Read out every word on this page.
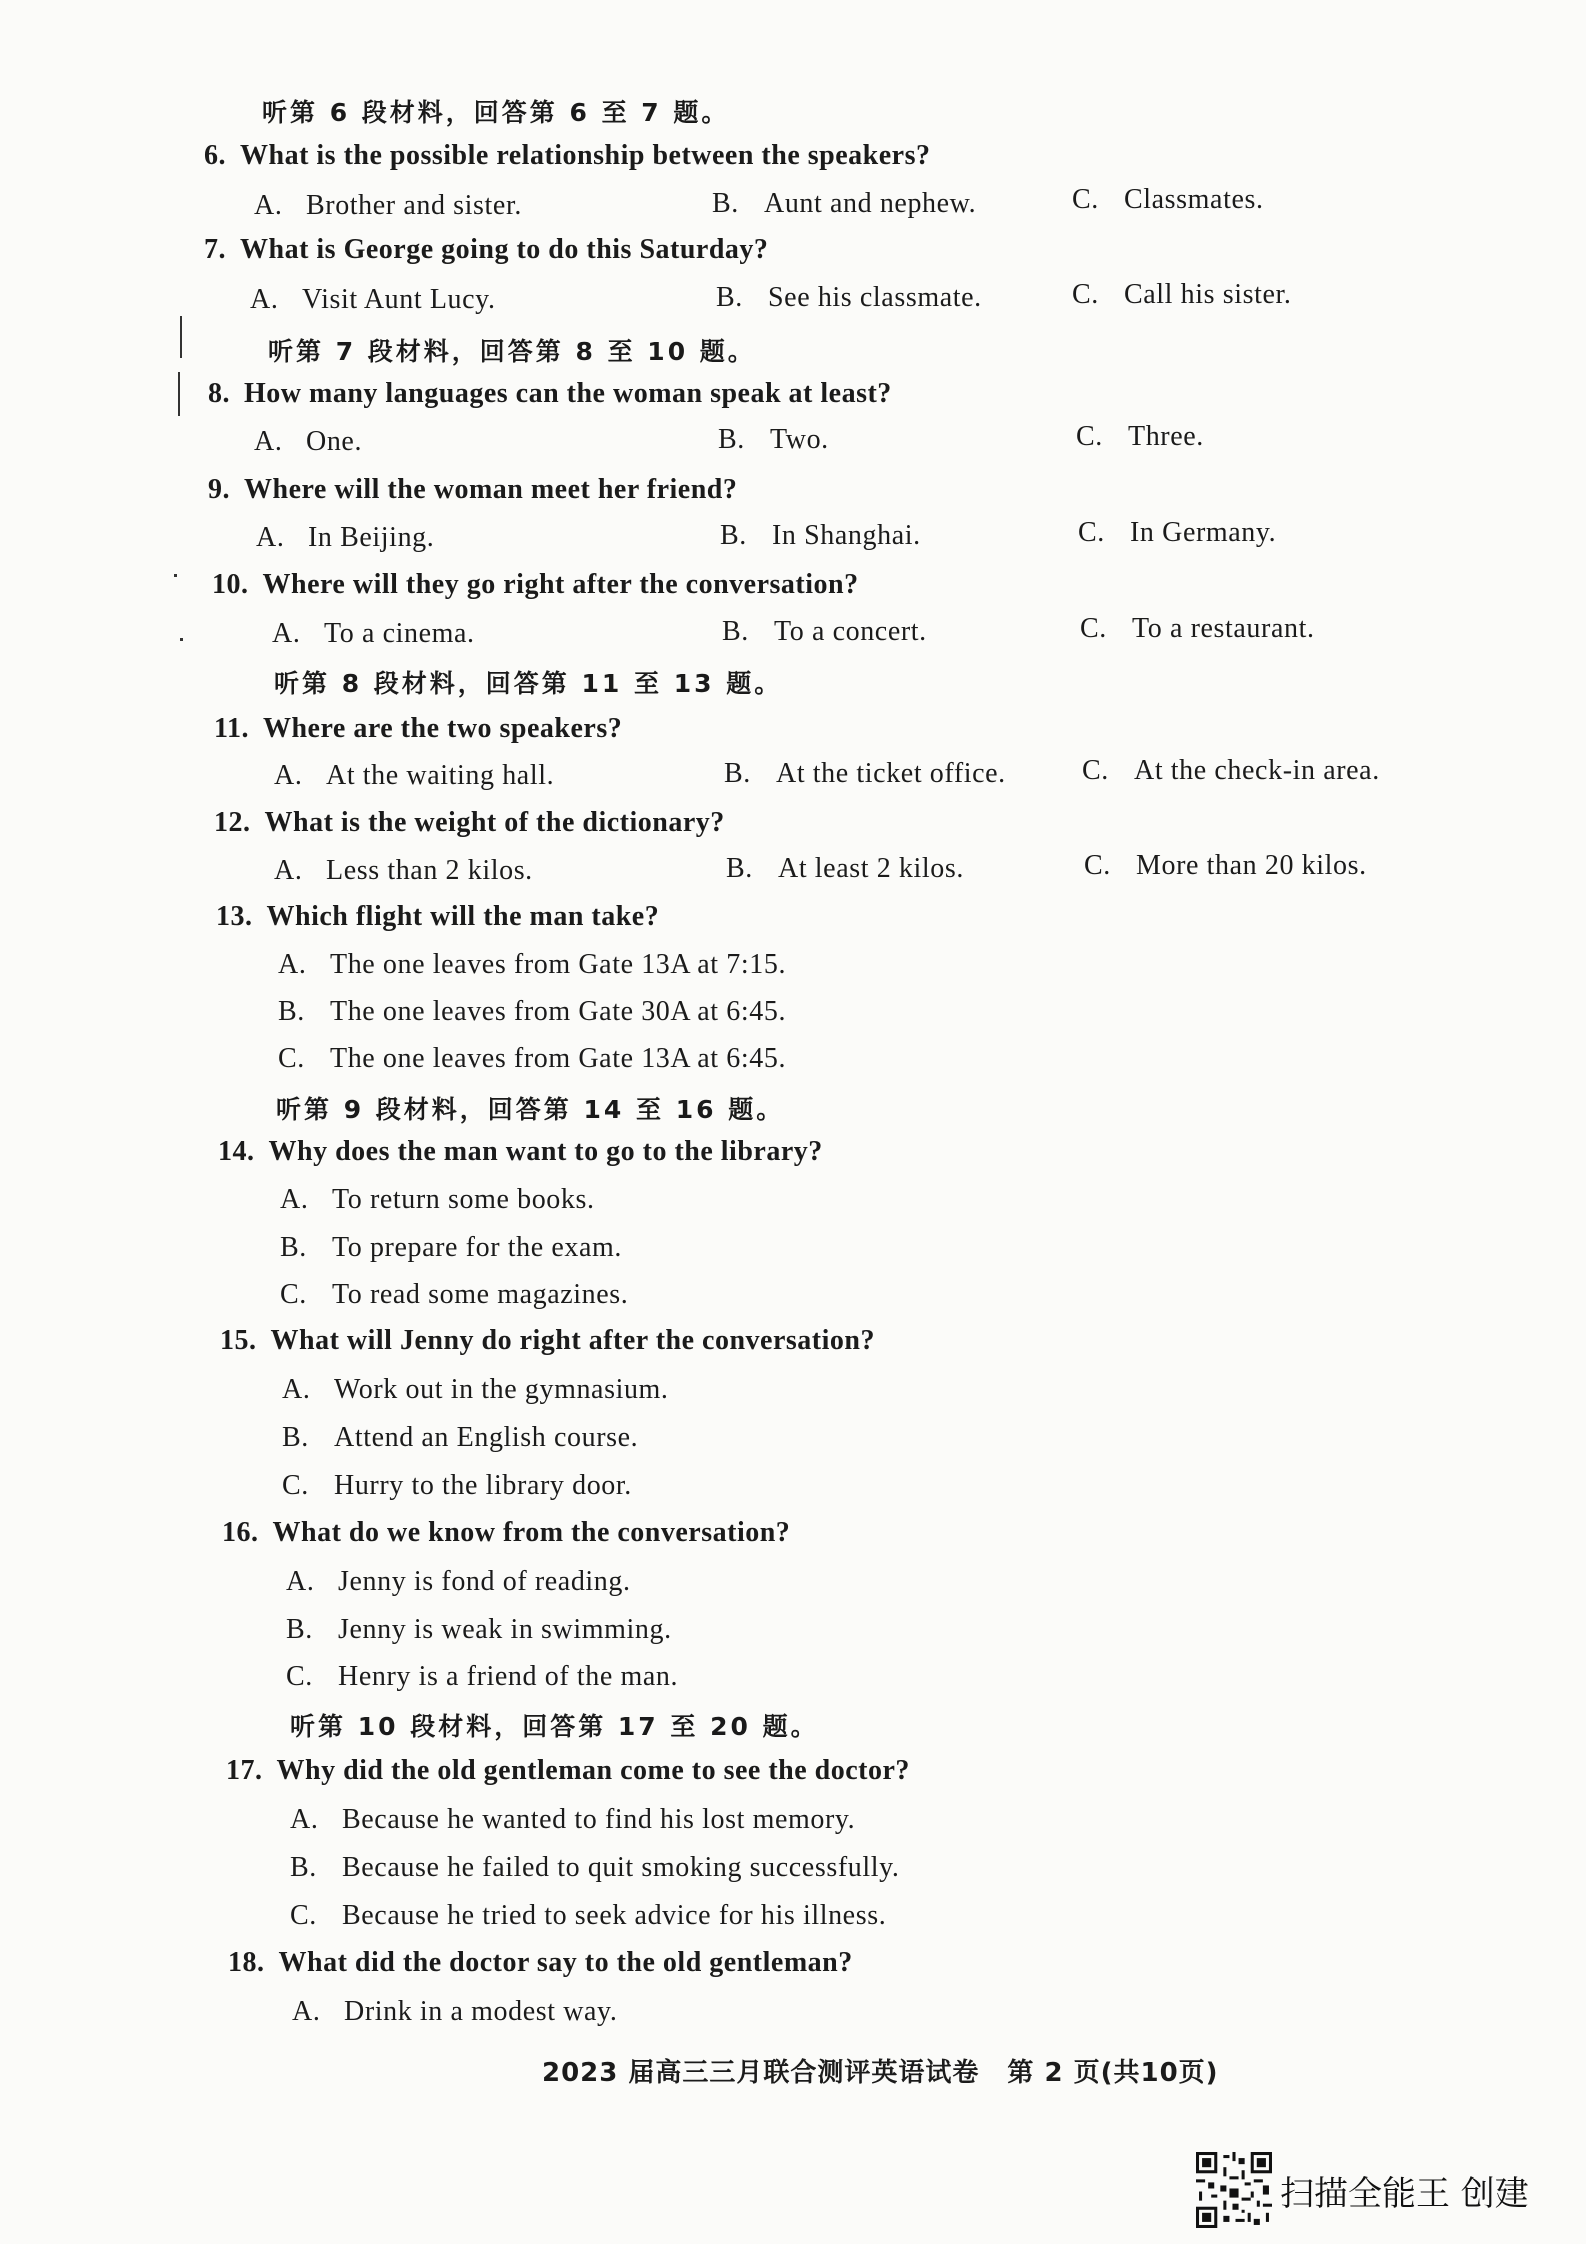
听第 6 段材料，回答第 6 至 7 题。
听第 7 段材料，回答第 8 至 10 题。
听第 8 段材料，回答第 11 至 13 题。
听第 9 段材料，回答第 14 至 16 题。
听第 10 段材料，回答第 17 至 20 题。
6. What is the possible relationship between the speakers?
A. Brother and sister.	B. Aunt and nephew.	C. Classmates.
7. What is George going to do this Saturday?
A. Visit Aunt Lucy.	B. See his classmate.	C. Call his sister.
8. How many languages can the woman speak at least?
A. One.	B. Two.	C. Three.
9. Where will the woman meet her friend?
A. In Beijing.	B. In Shanghai.	C. In Germany.
10. Where will they go right after the conversation?
A. To a cinema.	B. To a concert.	C. To a restaurant.
11. Where are the two speakers?
A. At the waiting hall.	B. At the ticket office.	C. At the check-in area.
12. What is the weight of the dictionary?
A. Less than 2 kilos.	B. At least 2 kilos.	C. More than 20 kilos.
13. Which flight will the man take?
A. The one leaves from Gate 13A at 7:15.
B. The one leaves from Gate 30A at 6:45.
C. The one leaves from Gate 13A at 6:45.
14. Why does the man want to go to the library?
A. To return some books.
B. To prepare for the exam.
C. To read some magazines.
15. What will Jenny do right after the conversation?
A. Work out in the gymnasium.
B. Attend an English course.
C. Hurry to the library door.
16. What do we know from the conversation?
A. Jenny is fond of reading.
B. Jenny is weak in swimming.
C. Henry is a friend of the man.
17. Why did the old gentleman come to see the doctor?
A. Because he wanted to find his lost memory.
B. Because he failed to quit smoking successfully.
C. Because he tried to seek advice for his illness.
18. What did the doctor say to the old gentleman?
A. Drink in a modest way.
2023 届高三三月联合测评英语试卷 第 2 页(共10页)
扫描全能王 创建
